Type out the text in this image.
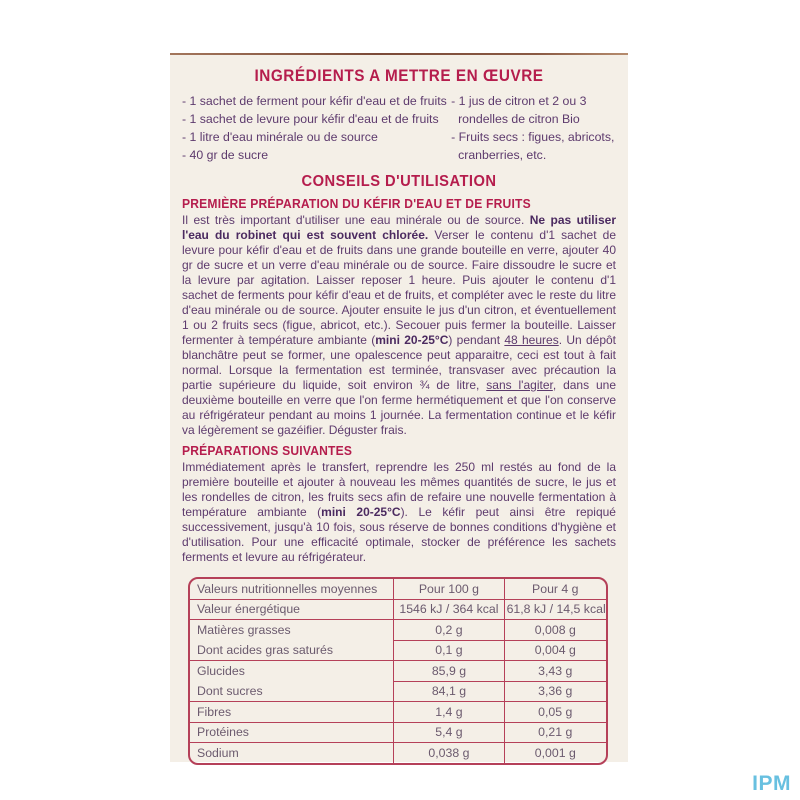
INGRÉDIENTS A METTRE EN ŒUVRE
- 1 sachet de ferment pour kéfir d'eau et de fruits
- 1 sachet de levure pour kéfir d'eau et de fruits
- 1 litre d'eau minérale ou de source
- 40 gr de sucre
- 1 jus de citron et 2 ou 3 rondelles de citron Bio
- Fruits secs : figues, abricots, cranberries, etc.
CONSEILS D'UTILISATION
PREMIÈRE PRÉPARATION DU KÉFIR D'EAU ET DE FRUITS

Il est très important d'utiliser une eau minérale ou de source. Ne pas utiliser l'eau du robinet qui est souvent chlorée. Verser le contenu d'1 sachet de levure pour kéfir d'eau et de fruits dans une grande bouteille en verre, ajouter 40 gr de sucre et un verre d'eau minérale ou de source. Faire dissoudre le sucre et la levure par agitation. Laisser reposer 1 heure. Puis ajouter le contenu d'1 sachet de ferments pour kéfir d'eau et de fruits, et compléter avec le reste du litre d'eau minérale ou de source. Ajouter ensuite le jus d'un citron, et éventuellement 1 ou 2 fruits secs (figue, abricot, etc.). Secouer puis fermer la bouteille. Laisser fermenter à température ambiante (mini 20-25°C) pendant 48 heures. Un dépôt blanchâtre peut se former, une opalescence peut apparaitre, ceci est tout à fait normal. Lorsque la fermentation est terminée, transvaser avec précaution la partie supérieure du liquide, soit environ ¾ de litre, sans l'agiter, dans une deuxième bouteille en verre que l'on ferme hermétiquement et que l'on conserve au réfrigérateur pendant au moins 1 journée. La fermentation continue et le kéfir va légèrement se gazéifier. Déguster frais.

PRÉPARATIONS SUIVANTES

Immédiatement après le transfert, reprendre les 250 ml restés au fond de la première bouteille et ajouter à nouveau les mêmes quantités de sucre, le jus et les rondelles de citron, les fruits secs afin de refaire une nouvelle fermentation à température ambiante (mini 20-25°C). Le kéfir peut ainsi être repiqué successivement, jusqu'à 10 fois, sous réserve de bonnes conditions d'hygiène et d'utilisation. Pour une efficacité optimale, stocker de préférence les sachets ferments et levure au réfrigérateur.

Valeurs nutritionnelles moyennes	Pour 100 g	Pour 4 g
Valeur énergétique	1546 kJ / 364 kcal	61,8 kJ / 14,5 kcal
Matières grasses	0,2 g	0,008 g
Dont acides gras saturés	0,1 g	0,004 g
Glucides	85,9 g	3,43 g
Dont sucres	84,1 g	3,36 g
Fibres	1,4 g	0,05 g
Protéines	5,4 g	0,21 g
Sodium	0,038 g	0,001 g
IPM
